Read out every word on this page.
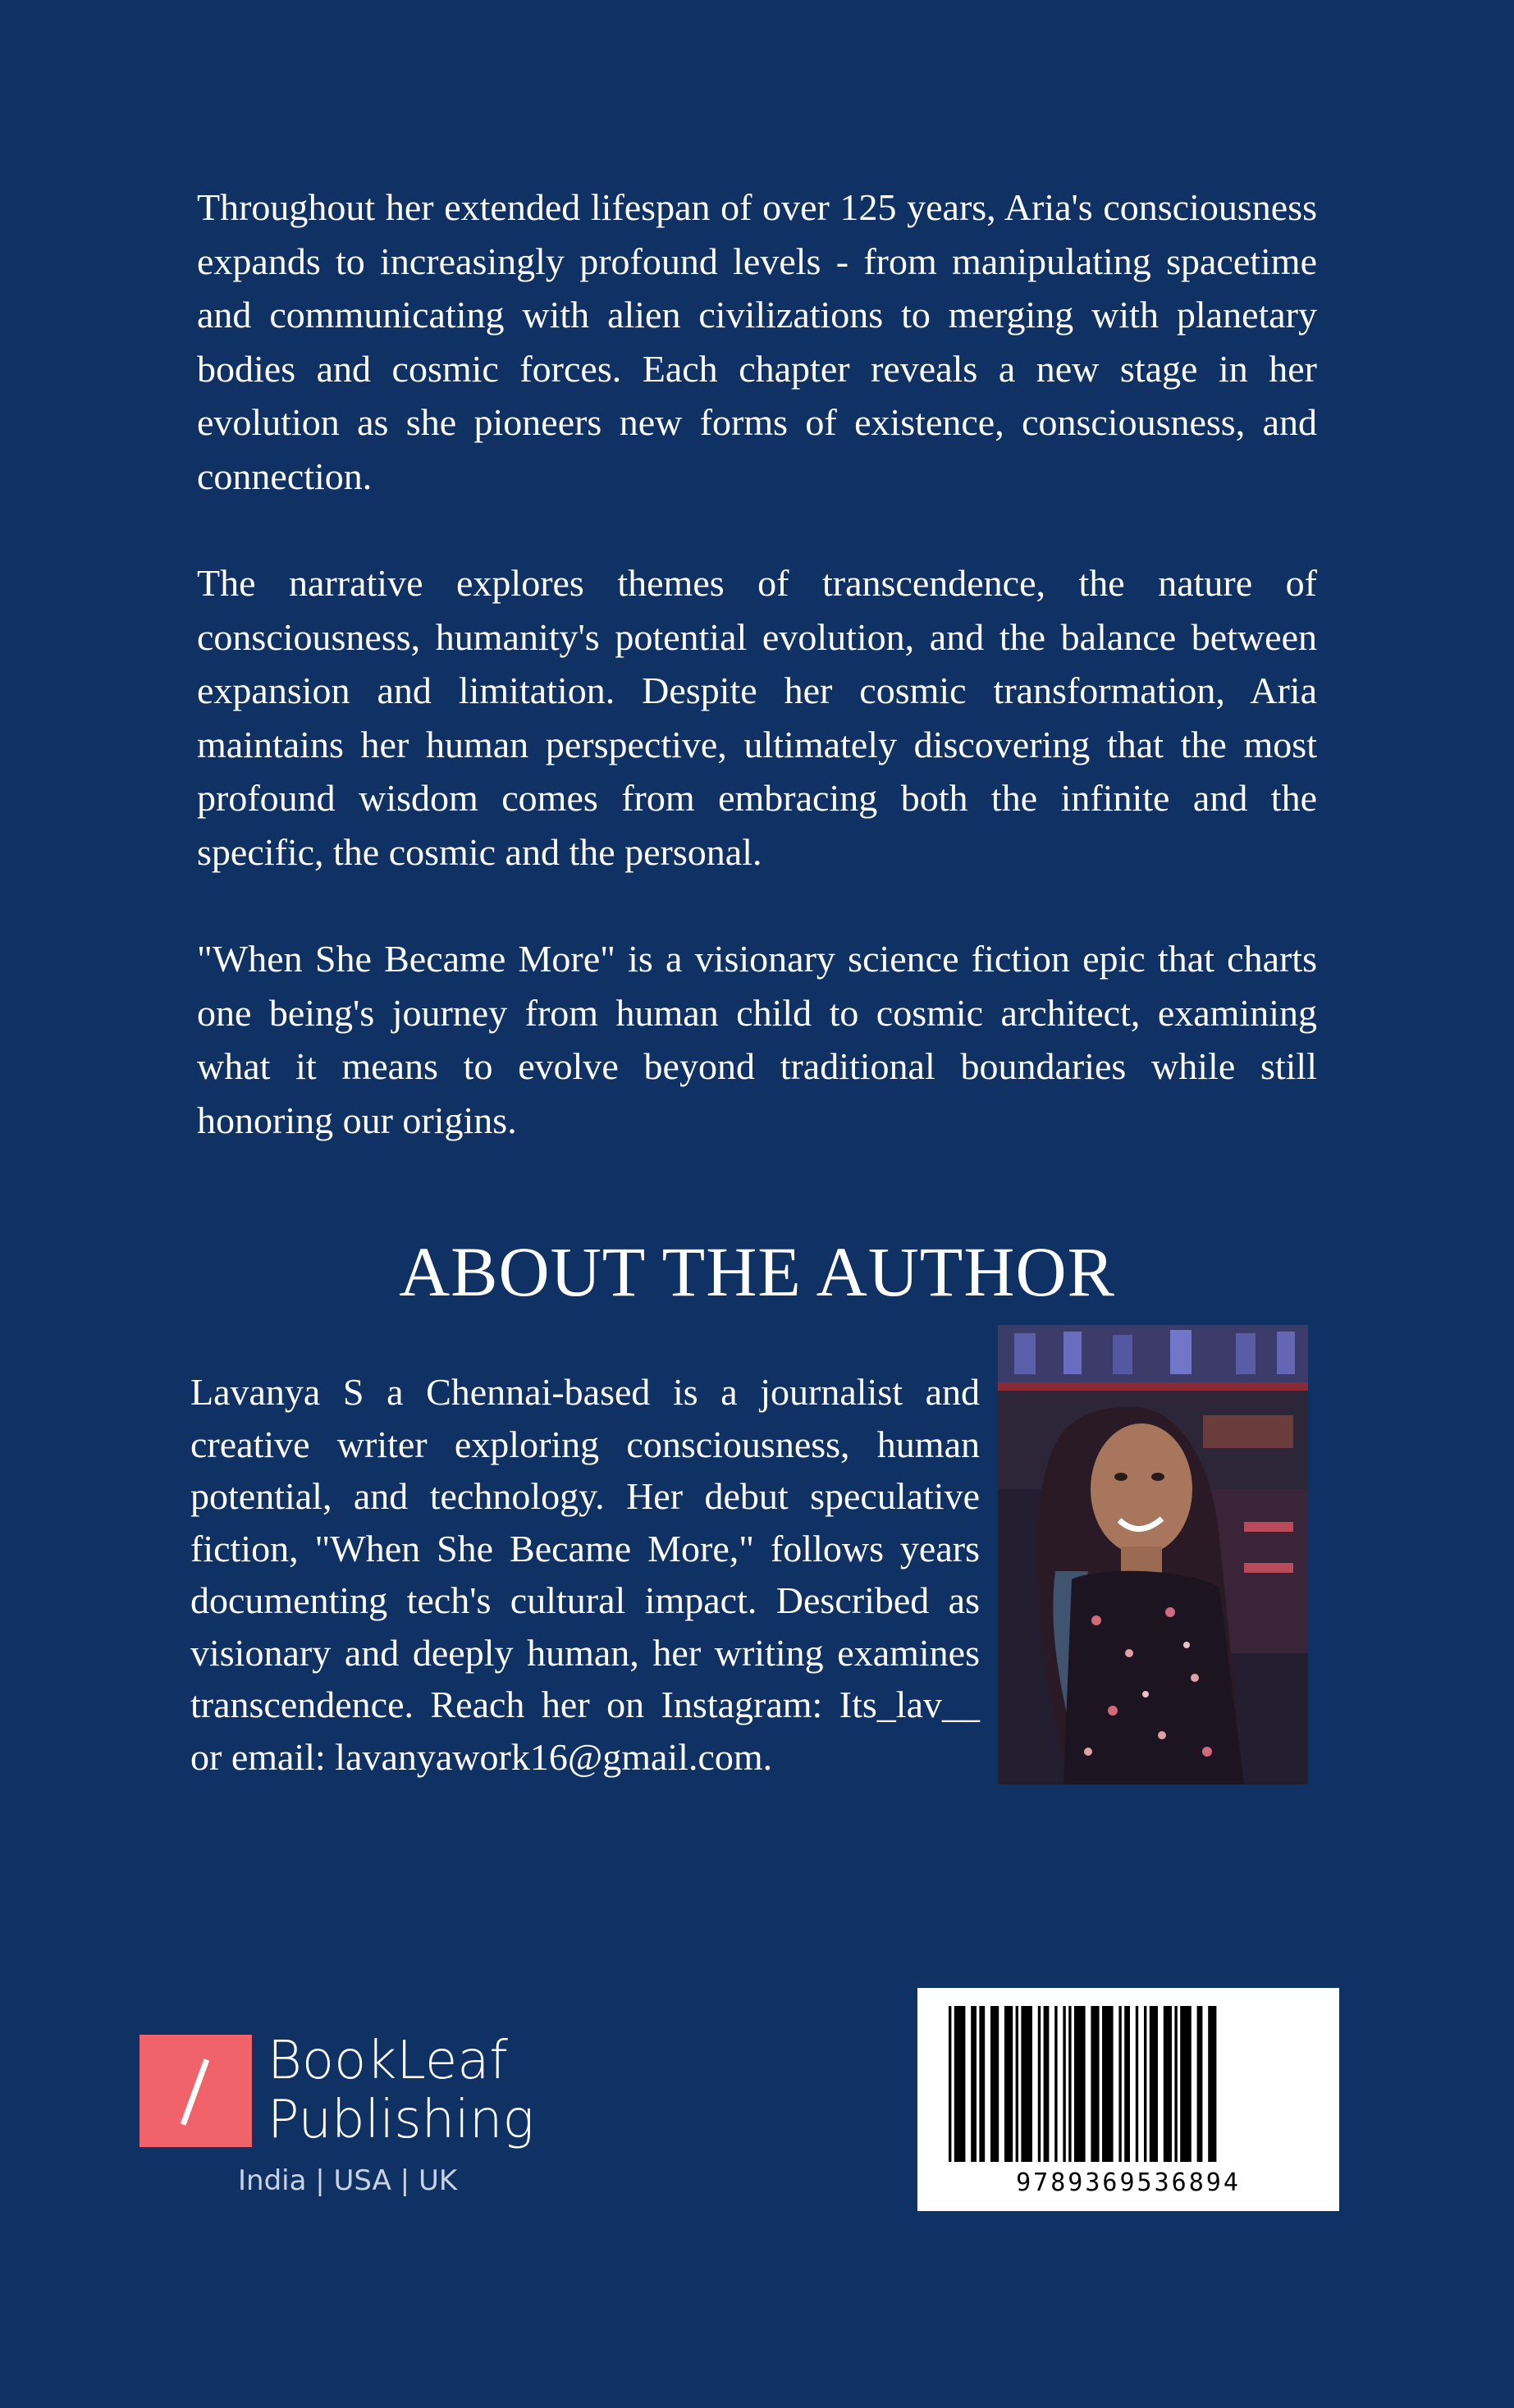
Throughout her extended lifespan of over 125 years, Aria's consciousness expands to increasingly profound levels - from manipulating spacetime and communicating with alien civilizations to merging with planetary bodies and cosmic forces. Each chapter reveals a new stage in her evolution as she pioneers new forms of existence, consciousness, and connection.

The narrative explores themes of transcendence, the nature of consciousness, humanity's potential evolution, and the balance between expansion and limitation. Despite her cosmic transformation, Aria maintains her human perspective, ultimately discovering that the most profound wisdom comes from embracing both the infinite and the specific, the cosmic and the personal.

"When She Became More" is a visionary science fiction epic that charts one being's journey from human child to cosmic architect, examining what it means to evolve beyond traditional boundaries while still honoring our origins.

ABOUT THE AUTHOR

Lavanya S a Chennai-based is a journalist and creative writer exploring consciousness, human potential, and technology. Her debut speculative fiction, "When She Became More," follows years documenting tech's cultural impact. Described as visionary and deeply human, her writing examines transcendence. Reach her on Instagram: Its_lav__ or email: lavanyawork16@gmail.com.

BookLeaf
Publishing
India | USA | UK	9789369536894
